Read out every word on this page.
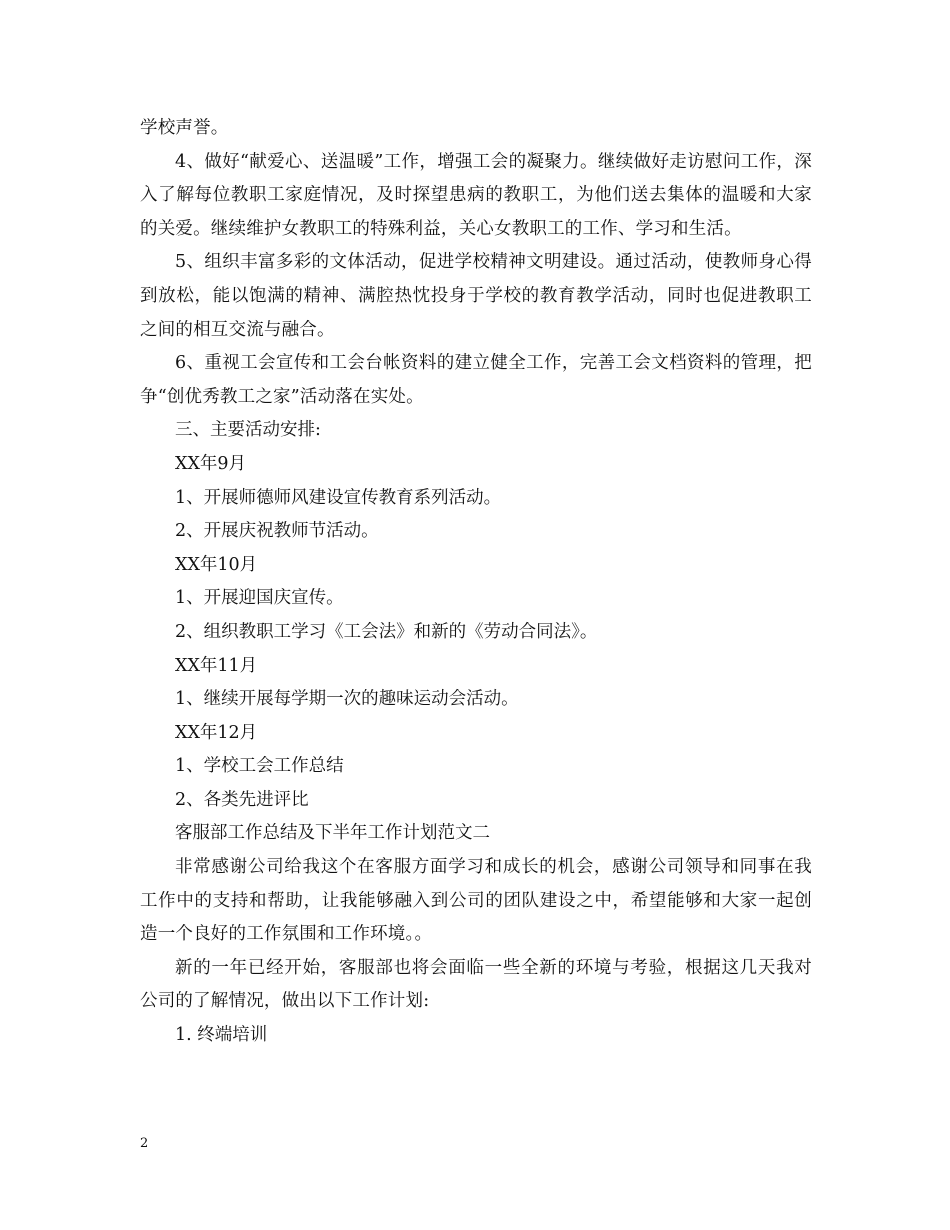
学校声誉。

4、做好“献爱心、送温暖”工作，增强工会的凝聚力。继续做好走访慰问工作，深入了解每位教职工家庭情况，及时探望患病的教职工，为他们送去集体的温暖和大家的关爱。继续维护女教职工的特殊利益，关心女教职工的工作、学习和生活。

5、组织丰富多彩的文体活动，促进学校精神文明建设。通过活动，使教师身心得到放松，能以饱满的精神、满腔热忱投身于学校的教育教学活动，同时也促进教职工之间的相互交流与融合。

6、重视工会宣传和工会台帐资料的建立健全工作，完善工会文档资料的管理，把争“创优秀教工之家”活动落在实处。

三、主要活动安排:

XX年9月

1、开展师德师风建设宣传教育系列活动。

2、开展庆祝教师节活动。

XX年10月

1、开展迎国庆宣传。

2、组织教职工学习《工会法》和新的《劳动合同法》。

XX年11月

1、继续开展每学期一次的趣味运动会活动。

XX年12月

1、学校工会工作总结

2、各类先进评比

客服部工作总结及下半年工作计划范文二

非常感谢公司给我这个在客服方面学习和成长的机会，感谢公司领导和同事在我工作中的支持和帮助，让我能够融入到公司的团队建设之中，希望能够和大家一起创造一个良好的工作氛围和工作环境。。

新的一年已经开始，客服部也将会面临一些全新的环境与考验，根据这几天我对公司的了解情况，做出以下工作计划:

1. 终端培训

2
